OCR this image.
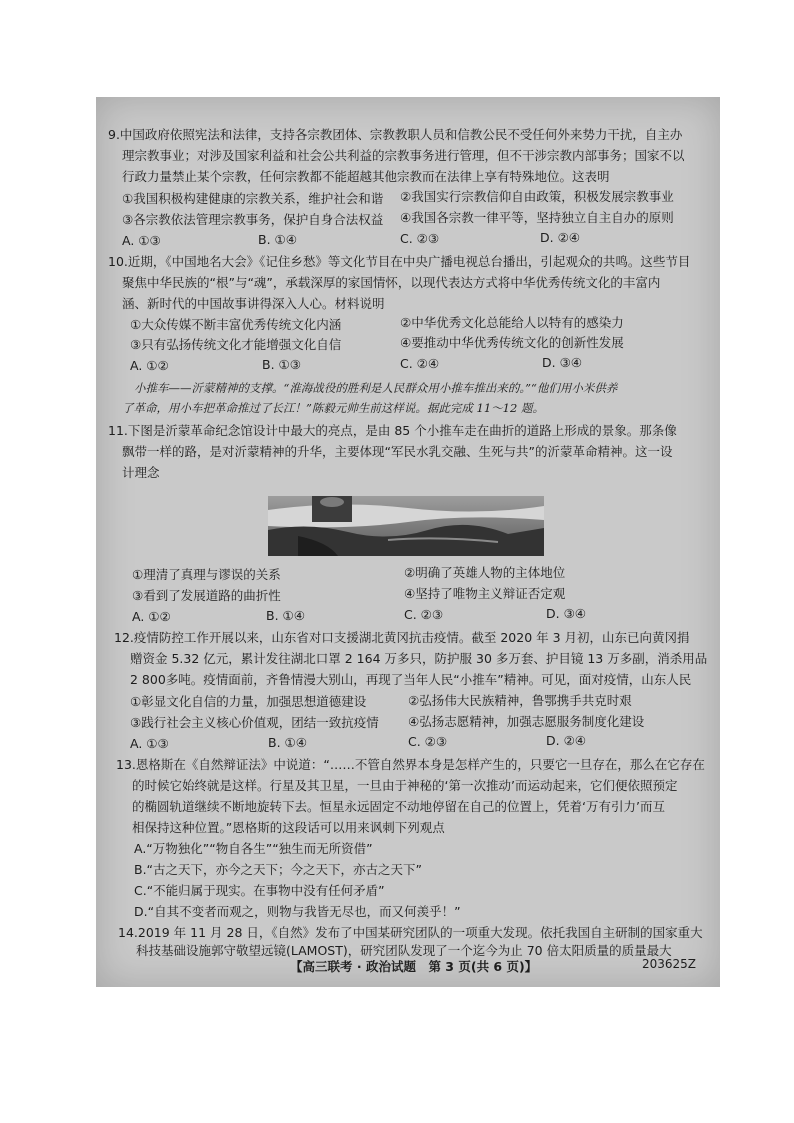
9.中国政府依照宪法和法律，支持各宗教团体、宗教教职人员和信教公民不受任何外来势力干扰，自主办
理宗教事业；对涉及国家利益和社会公共利益的宗教事务进行管理，但不干涉宗教内部事务；国家不以
行政力量禁止某个宗教，任何宗教都不能超越其他宗教而在法律上享有特殊地位。这表明
①我国积极构建健康的宗教关系，维护社会和谐 ②我国实行宗教信仰自由政策，积极发展宗教事业
③各宗教依法管理宗教事务，保护自身合法权益 ④我国各宗教一律平等，坚持独立自主自办的原则
A. ①③	B. ①④	C. ②③	D. ②④
10.近期，《中国地名大会》《记住乡愁》等文化节目在中央广播电视总台播出，引起观众的共鸣。这些节目
聚焦中华民族的“根”与“魂”，承载深厚的家国情怀，以现代表达方式将中华优秀传统文化的丰富内
涵、新时代的中国故事讲得深入人心。材料说明
①大众传媒不断丰富优秀传统文化内涵	②中华优秀文化总能给人以特有的感染力
③只有弘扬传统文化才能增强文化自信	④要推动中华优秀传统文化的创新性发展
A. ①②	B. ①③	C. ②④	D. ③④
小推车——沂蒙精神的支撑。“淮海战役的胜利是人民群众用小推车推出来的。”“他们用小米供养
了革命，用小车把革命推过了长江！”陈毅元帅生前这样说。据此完成 11～12 题。
11.下图是沂蒙革命纪念馆设计中最大的亮点，是由 85 个小推车走在曲折的道路上形成的景象。那条像
飘带一样的路，是对沂蒙精神的升华，主要体现“军民水乳交融、生死与共”的沂蒙革命精神。这一设
计理念
①理清了真理与谬误的关系	②明确了英雄人物的主体地位
③看到了发展道路的曲折性	④坚持了唯物主义辩证否定观
A. ①②	B. ①④	C. ②③	D. ③④
12.疫情防控工作开展以来，山东省对口支援湖北黄冈抗击疫情。截至 2020 年 3 月初，山东已向黄冈捐
赠资金 5.32 亿元，累计发往湖北口罩 2 164 万多只，防护服 30 多万套、护目镜 13 万多副，消杀用品
2 800多吨。疫情面前，齐鲁情漫大别山，再现了当年人民“小推车”精神。可见，面对疫情，山东人民
①彰显文化自信的力量，加强思想道德建设	②弘扬伟大民族精神，鲁鄂携手共克时艰
③践行社会主义核心价值观，团结一致抗疫情 ④弘扬志愿精神，加强志愿服务制度化建设
A. ①③	B. ①④	C. ②③	D. ②④
13.恩格斯在《自然辩证法》中说道：“……不管自然界本身是怎样产生的，只要它一旦存在，那么在它存在
的时候它始终就是这样。行星及其卫星，一旦由于神秘的‘第一次推动’而运动起来，它们便依照预定
的椭圆轨道继续不断地旋转下去。恒星永远固定不动地停留在自己的位置上，凭着‘万有引力’而互
相保持这种位置。”恩格斯的这段话可以用来讽刺下列观点
A.“万物独化”“物自各生”“独生而无所资借”
B.“古之天下，亦今之天下；今之天下，亦古之天下”
C.“不能归属于现实。在事物中没有任何矛盾”
D.“自其不变者而观之，则物与我皆无尽也，而又何羡乎！”
14.2019 年 11 月 28 日，《自然》发布了中国某研究团队的一项重大发现。依托我国自主研制的国家重大
科技基础设施郭守敬望远镜(LAMOST)，研究团队发现了一个迄今为止 70 倍太阳质量的质量最大
【高三联考 · 政治试题　第 3 页(共 6 页)】	203625Z
